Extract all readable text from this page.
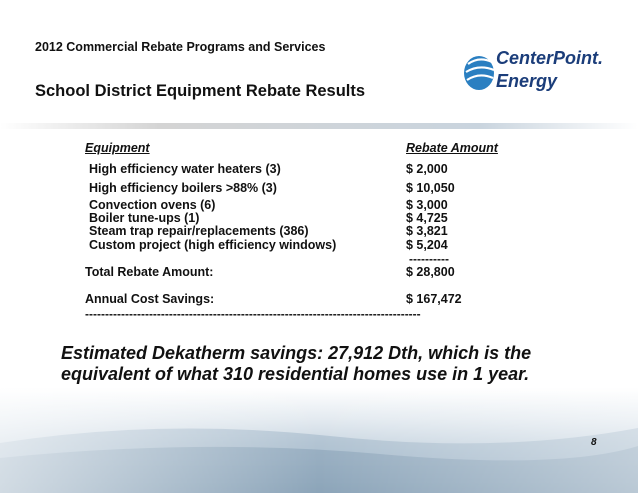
2012 Commercial Rebate Programs and Services
School District Equipment Rebate Results
CenterPoint.
Energy
Equipment	Rebate Amount
High efficiency water heaters (3)	$ 2,000
High efficiency boilers >88% (3)	$ 10,050
Convection ovens (6)	$ 3,000
Boiler tune-ups (1)	$ 4,725
Steam trap repair/replacements (386)	$ 3,821
Custom project (high efficiency windows)	$ 5,204
----------
Total Rebate Amount:	$ 28,800
Annual Cost Savings:	$ 167,472
------------------------------------------------------------------------------------
Estimated Dekatherm savings: 27,912 Dth, which is the
equivalent of what 310 residential homes use in 1 year.
8
